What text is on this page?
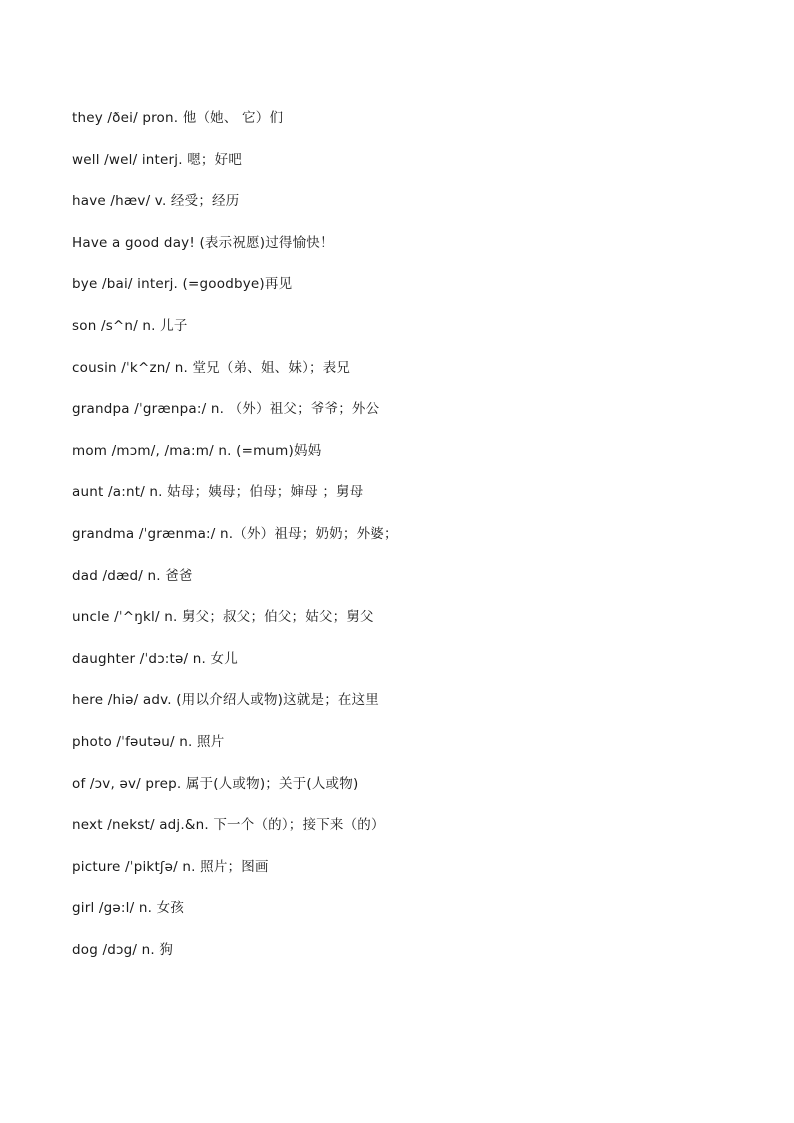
they /ðei/ pron. 他（她、 它）们
well /wel/ interj. 嗯；好吧
have /hæv/ v. 经受；经历
Have a good day! (表示祝愿)过得愉快！
bye /bai/ interj. (=goodbye)再见
son /s^n/ n. 儿子
cousin /ˈk^zn/ n. 堂兄（弟、姐、妹）；表兄
grandpa /ˈgrænpa:/ n. （外）祖父；爷爷；外公
mom /mɔm/, /ma:m/ n. (=mum)妈妈
aunt /a:nt/ n. 姑母；姨母；伯母；婶母 ；舅母
grandma /ˈgrænma:/ n.（外）祖母；奶奶；外婆；
dad /dæd/ n. 爸爸
uncle /ˈ^ŋkl/ n. 舅父；叔父；伯父；姑父；舅父
daughter /ˈdɔ:tə/ n. 女儿
here /hiə/ adv. (用以介绍人或物)这就是；在这里
photo /ˈfəutəu/ n. 照片
of /ɔv, əv/ prep. 属于(人或物)；关于(人或物)
next /nekst/ adj.&n. 下一个（的）；接下来（的）
picture /ˈpiktʃə/ n. 照片；图画
girl /gə:l/ n. 女孩
dog /dɔg/ n. 狗
